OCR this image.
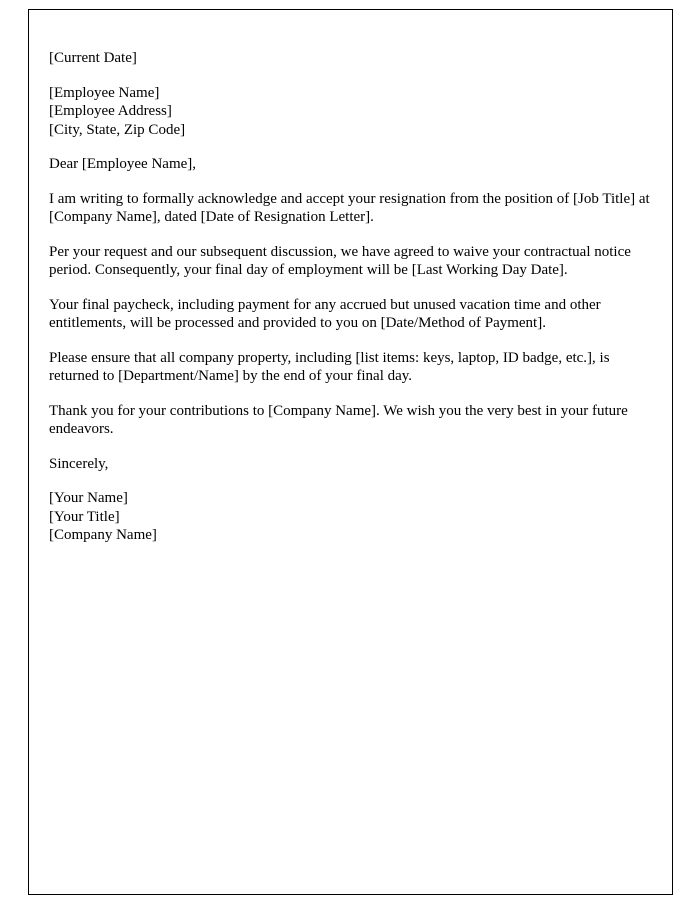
[Current Date]

[Employee Name]

[Employee Address]

[City, State, Zip Code]

Dear [Employee Name],

I am writing to formally acknowledge and accept your resignation from the position of [Job Title] at [Company Name], dated [Date of Resignation Letter].

Per your request and our subsequent discussion, we have agreed to waive your contractual notice period. Consequently, your final day of employment will be [Last Working Day Date].

Your final paycheck, including payment for any accrued but unused vacation time and other entitlements, will be processed and provided to you on [Date/Method of Payment].

Please ensure that all company property, including [list items: keys, laptop, ID badge, etc.], is returned to [Department/Name] by the end of your final day.

Thank you for your contributions to [Company Name]. We wish you the very best in your future endeavors.

Sincerely,

[Your Name]

[Your Title]

[Company Name]
